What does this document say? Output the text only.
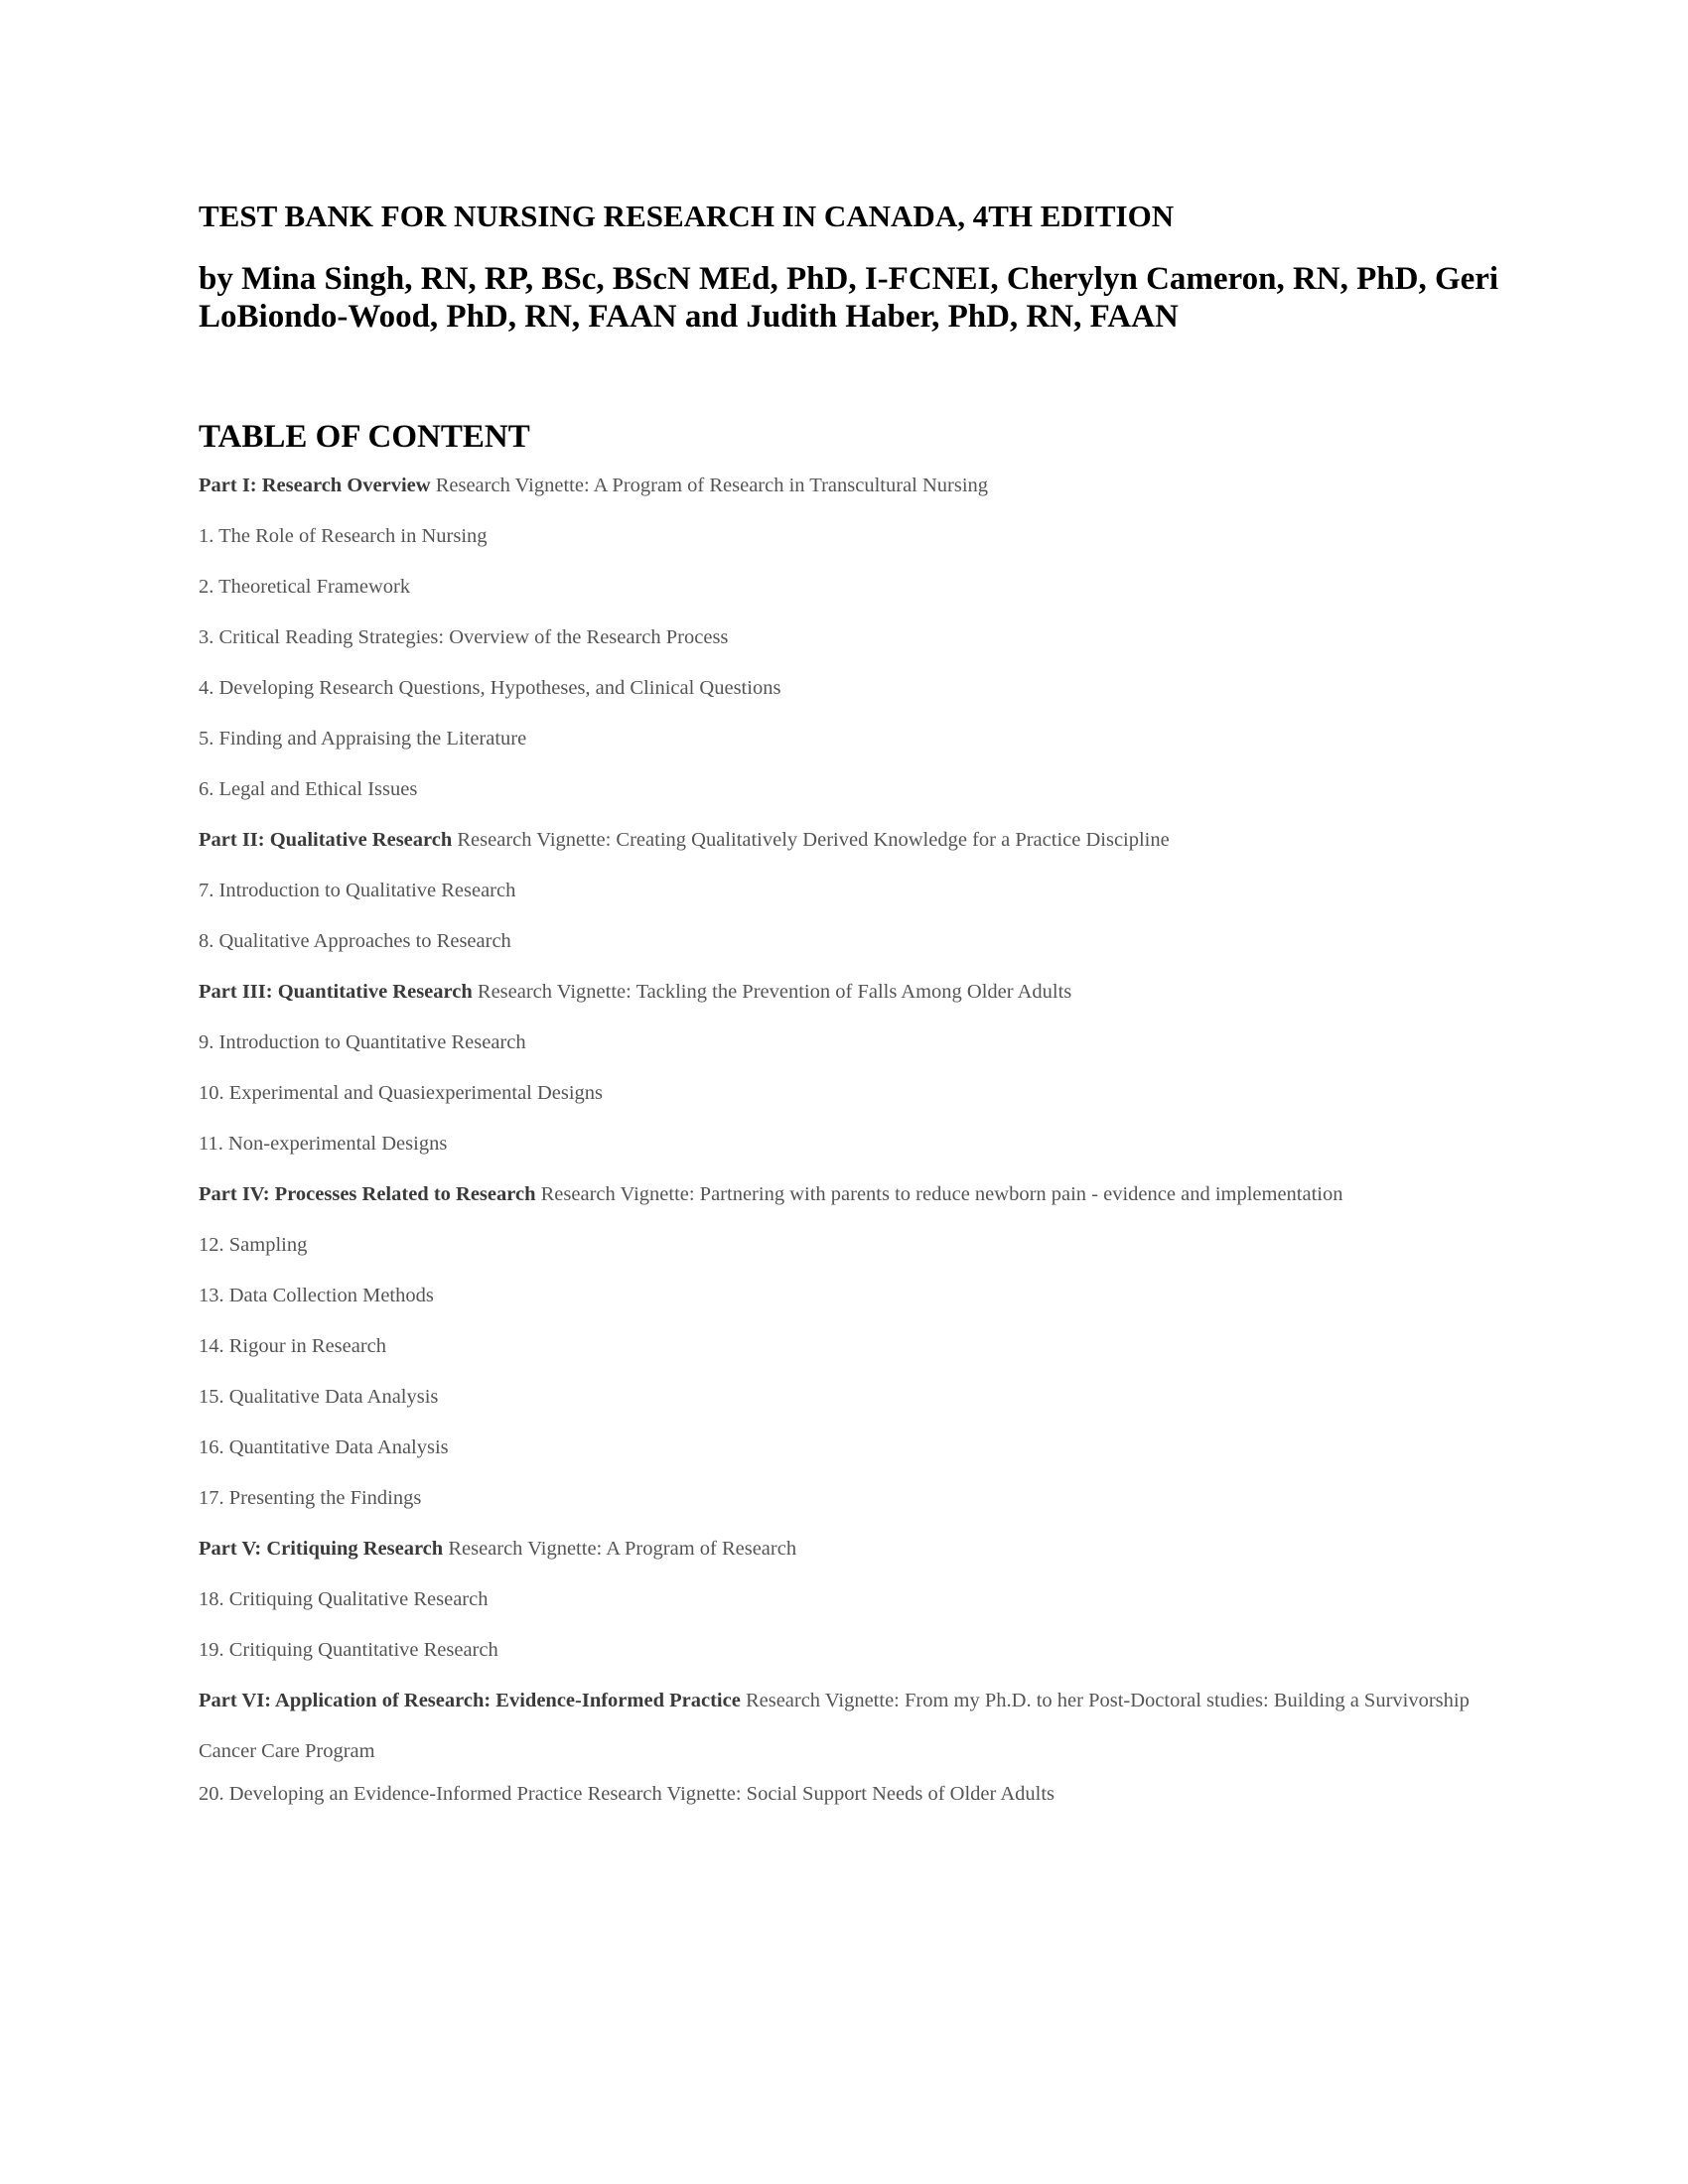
TEST BANK FOR NURSING RESEARCH IN CANADA, 4TH EDITION

by Mina Singh, RN, RP, BSc, BScN MEd, PhD, I-FCNEI, Cherylyn Cameron, RN, PhD, Geri LoBiondo-Wood, PhD, RN, FAAN and Judith Haber, PhD, RN, FAAN

TABLE OF CONTENT
Part I: Research Overview Research Vignette: A Program of Research in Transcultural Nursing
1. The Role of Research in Nursing
2. Theoretical Framework
3. Critical Reading Strategies: Overview of the Research Process
4. Developing Research Questions, Hypotheses, and Clinical Questions
5. Finding and Appraising the Literature
6. Legal and Ethical Issues
Part II: Qualitative Research Research Vignette: Creating Qualitatively Derived Knowledge for a Practice Discipline
7. Introduction to Qualitative Research
8. Qualitative Approaches to Research
Part III: Quantitative Research Research Vignette: Tackling the Prevention of Falls Among Older Adults
9. Introduction to Quantitative Research
10. Experimental and Quasiexperimental Designs
11. Non-experimental Designs
Part IV: Processes Related to Research Research Vignette: Partnering with parents to reduce newborn pain - evidence and implementation
12. Sampling
13. Data Collection Methods
14. Rigour in Research
15. Qualitative Data Analysis
16. Quantitative Data Analysis
17. Presenting the Findings
Part V: Critiquing Research Research Vignette: A Program of Research
18. Critiquing Qualitative Research
19. Critiquing Quantitative Research
Part VI: Application of Research: Evidence-Informed Practice Research Vignette: From my Ph.D. to her Post-Doctoral studies: Building a Survivorship Cancer Care Program
20. Developing an Evidence-Informed Practice Research Vignette: Social Support Needs of Older Adults
